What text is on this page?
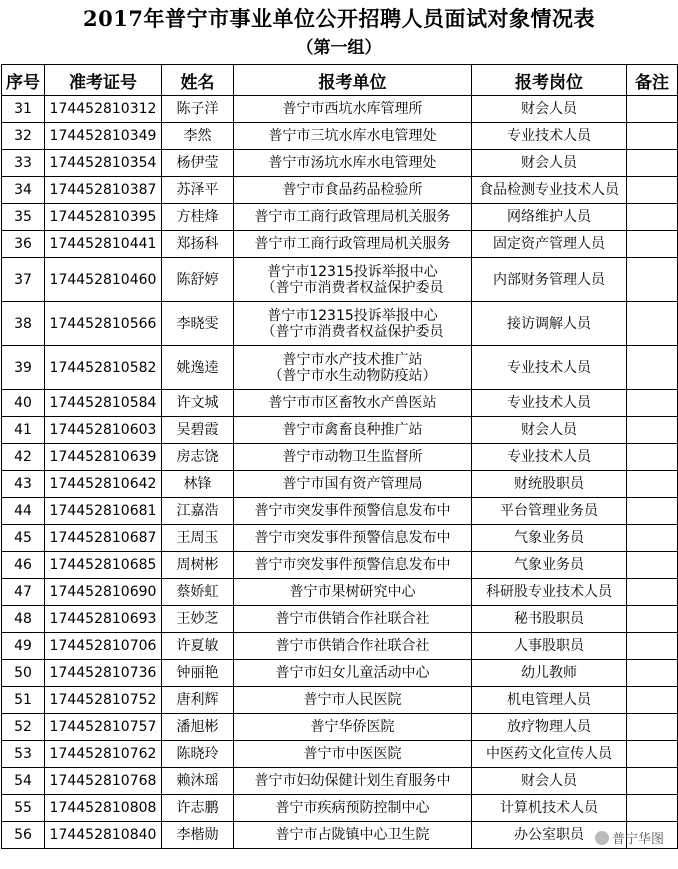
2017年普宁市事业单位公开招聘人员面试对象情况表
（第一组）
序号	准考证号	姓名	报考单位	报考岗位	备注
31	174452810312	陈子洋	普宁市西坑水库管理所	财会人员	
32	174452810349	李然	普宁市三坑水库水电管理处	专业技术人员	
33	174452810354	杨伊莹	普宁市汤坑水库水电管理处	财会人员	
34	174452810387	苏泽平	普宁市食品药品检验所	食品检测专业技术人员	
35	174452810395	方桂烽	普宁市工商行政管理局机关服务	网络维护人员	
36	174452810441	郑扬科	普宁市工商行政管理局机关服务	固定资产管理人员	
37	174452810460	陈舒婷	普宁市12315投诉举报中心
（普宁市消费者权益保护委员	内部财务管理人员	
38	174452810566	李晓雯	普宁市12315投诉举报中心
（普宁市消费者权益保护委员	接访调解人员	
39	174452810582	姚逸逵	普宁市水产技术推广站
（普宁市水生动物防疫站）	专业技术人员	
40	174452810584	许文城	普宁市市区畜牧水产兽医站	专业技术人员	
41	174452810603	吴碧霞	普宁市禽畜良种推广站	财会人员	
42	174452810639	房志饶	普宁市动物卫生监督所	专业技术人员	
43	174452810642	林锋	普宁市国有资产管理局	财统股职员	
44	174452810681	江嘉浩	普宁市突发事件预警信息发布中	平台管理业务员	
45	174452810687	王周玉	普宁市突发事件预警信息发布中	气象业务员	
46	174452810685	周树彬	普宁市突发事件预警信息发布中	气象业务员	
47	174452810690	蔡娇虹	普宁市果树研究中心	科研股专业技术人员	
48	174452810693	王妙芝	普宁市供销合作社联合社	秘书股职员	
49	174452810706	许夏敏	普宁市供销合作社联合社	人事股职员	
50	174452810736	钟丽艳	普宁市妇女儿童活动中心	幼儿教师	
51	174452810752	唐利辉	普宁市人民医院	机电管理人员	
52	174452810757	潘旭彬	普宁华侨医院	放疗物理人员	
53	174452810762	陈晓玲	普宁市中医医院	中医药文化宣传人员	
54	174452810768	赖沐瑶	普宁市妇幼保健计划生育服务中	财会人员	
55	174452810808	许志鹏	普宁市疾病预防控制中心	计算机技术人员	
56	174452810840	李楷勋	普宁市占陇镇中心卫生院	办公室职员	普宁华图
